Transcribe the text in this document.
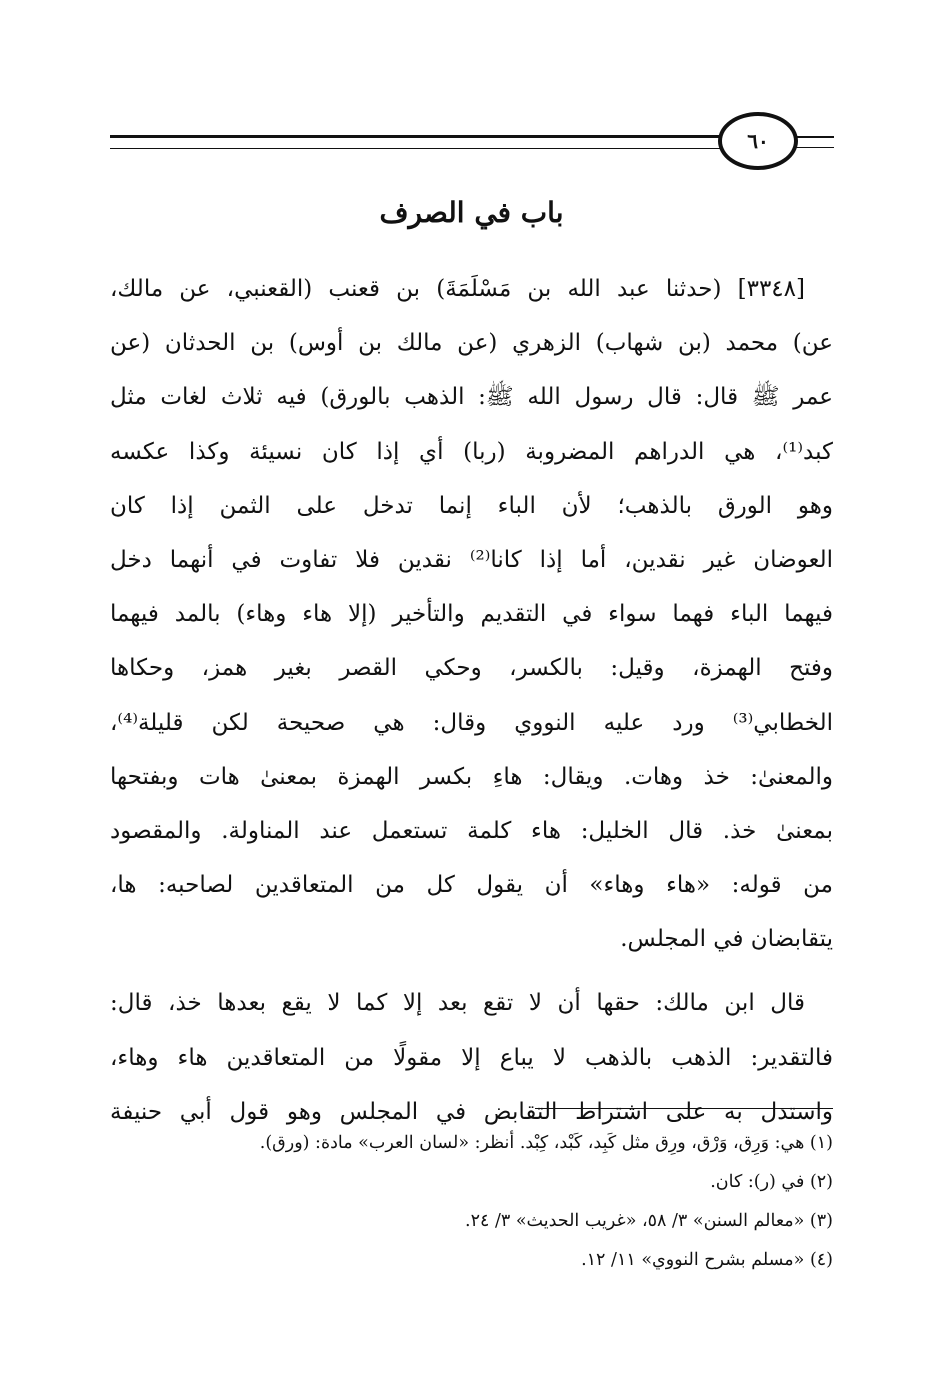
٦٠
باب في الصرف
[٣٣٤٨] (حدثنا عبد الله بن مَسْلَمَةَ) بن قعنب (القعنبي، عن مالك،
عن) محمد (بن شهاب) الزهري (عن مالك بن أوس) بن الحدثان (عن
عمر ﷺ قال: قال رسول الله ﷺ: الذهب بالورق) فيه ثلاث لغات مثل
كبد⁽¹⁾، هي الدراهم المضروبة (ربا) أي إذا كان نسيئة وكذا عكسه
وهو الورق بالذهب؛ لأن الباء إنما تدخل على الثمن إذا كان
العوضان غير نقدين، أما إذا كانا⁽²⁾ نقدين فلا تفاوت في أنهما دخل
فيهما الباء فهما سواء في التقديم والتأخير (إلا هاء وهاء) بالمد فيهما
وفتح الهمزة، وقيل: بالكسر، وحكي القصر بغير همز، وحكاها
الخطابي⁽³⁾ ورد عليه النووي وقال: هي صحيحة لكن قليلة⁽⁴⁾،
والمعنىٰ: خذ وهات. ويقال: هاءِ بكسر الهمزة بمعنىٰ هات وبفتحها
بمعنىٰ خذ. قال الخليل: هاء كلمة تستعمل عند المناولة. والمقصود
من قوله: «هاء وهاء» أن يقول كل من المتعاقدين لصاحبه: ها،
يتقابضان في المجلس.
قال ابن مالك: حقها أن لا تقع بعد إلا كما لا يقع بعدها خذ، قال:
فالتقدير: الذهب بالذهب لا يباع إلا مقولًا من المتعاقدين هاء وهاء،
واستدل به على اشتراط التقابض في المجلس وهو قول أبي حنيفة
(١) هي: وَرِق، وَرْق، ورِق مثل كَبِد، كَبْد، كِبْد. أنظر: «لسان العرب» مادة: (ورق).
(٢) في (ر): كان.
(٣) «معالم السنن» ٣/ ٥٨، «غريب الحديث» ٣/ ٢٤.
(٤) «مسلم بشرح النووي» ١١/ ١٢.
